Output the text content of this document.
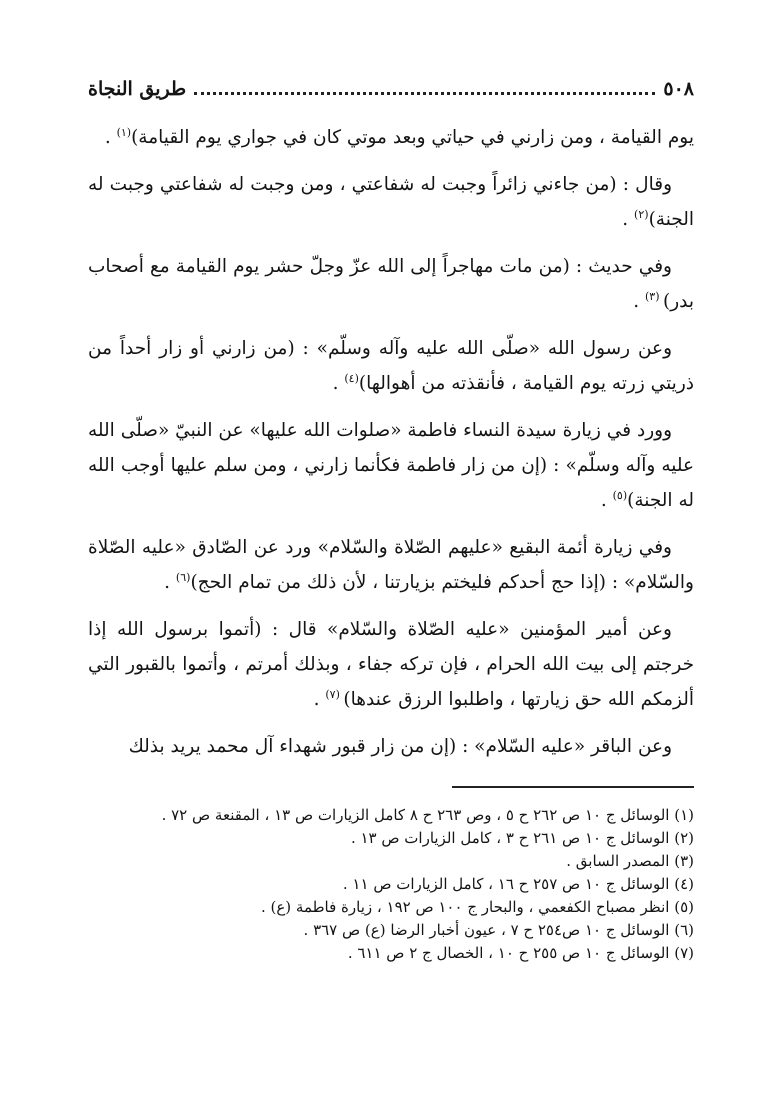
٥٠٨
طريق النجاة

يوم القيامة ، ومن زارني في حياتي وبعد موتي كان في جواري يوم القيامة)$^{(١)}$ .

وقال : (من جاءني زائراً وجبت له شفاعتي ، ومن وجبت له شفاعتي وجبت له الجنة)$^{(٢)}$ .

وفي حديث : (من مات مهاجراً إلى الله عزّ وجلّ حشر يوم القيامة مع أصحاب بدر) $^{(٣)}$ .

وعن رسول الله «صلّى الله عليه وآله وسلّم» : (من زارني أو زار أحداً من ذريتي زرته يوم القيامة ، فأنقذته من أهوالها)$^{(٤)}$ .

وورد في زيارة سيدة النساء فاطمة «صلوات الله عليها» عن النبيّ «صلّى الله عليه وآله وسلّم» : (إن من زار فاطمة فكأنما زارني ، ومن سلم عليها أوجب الله له الجنة)$^{(٥)}$ .

وفي زيارة أئمة البقيع «عليهم الصّلاة والسّلام» ورد عن الصّادق «عليه الصّلاة والسّلام» : (إذا حج أحدكم فليختم بزيارتنا ، لأن ذلك من تمام الحج)$^{(٦)}$ .

وعن أمير المؤمنين «عليه الصّلاة والسّلام» قال : (أتموا برسول الله إذا خرجتم إلى بيت الله الحرام ، فإن تركه جفاء ، وبذلك أمرتم ، وأتموا بالقبور التي ألزمكم الله حق زيارتها ، واطلبوا الرزق عندها) $^{(٧)}$ .

وعن الباقر «عليه السّلام» : (إن من زار قبور شهداء آل محمد يريد بذلك

(١) الوسائل ج ١٠ ص ٢٦٢ ح ٥ ، وص ٢٦٣ ح ٨ كامل الزيارات ص ١٣ ، المقنعة ص ٧٢ .

(٢) الوسائل ج ١٠ ص ٢٦١ ح ٣ ، كامل الزيارات ص ١٣ .

(٣) المصدر السابق .

(٤) الوسائل ج ١٠ ص ٢٥٧ ح ١٦ ، كامل الزيارات ص ١١ .

(٥) انظر مصباح الكفعمي ، والبحار ج ١٠٠ ص ١٩٢ ، زيارة فاطمة (ع) .

(٦) الوسائل ج ١٠ ص٢٥٤ ح ٧ ، عيون أخبار الرضا (ع) ص ٣٦٧ .

(٧) الوسائل ج ١٠ ص ٢٥٥ ح ١٠ ، الخصال ج ٢ ص ٦١١ .
